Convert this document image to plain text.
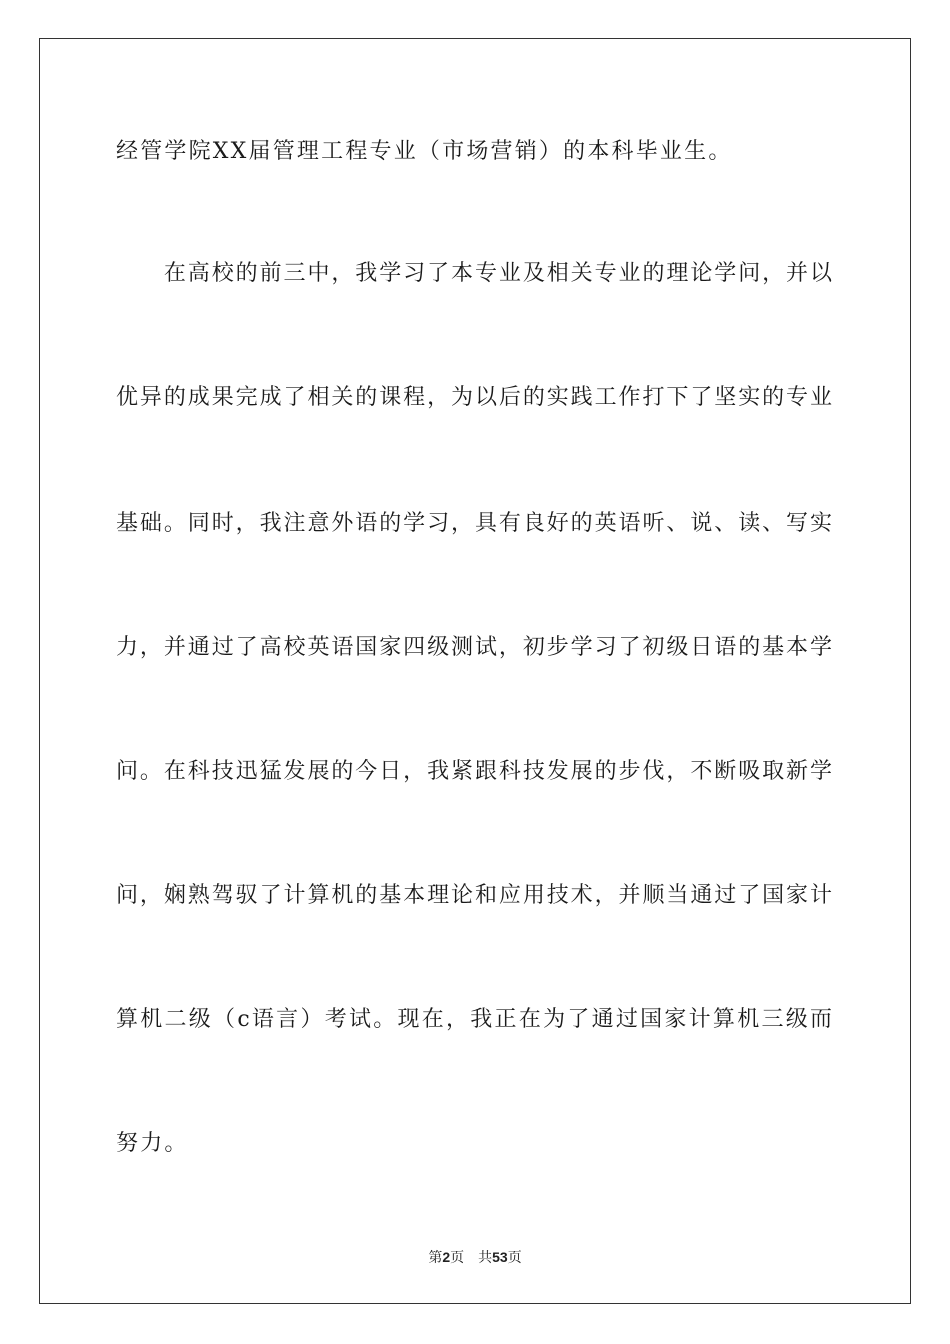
经管学院XX届管理工程专业（市场营销）的本科毕业生。
　　在高校的前三中，我学习了本专业及相关专业的理论学问，并以
优异的成果完成了相关的课程，为以后的实践工作打下了坚实的专业
基础。同时，我注意外语的学习，具有良好的英语听、说、读、写实
力，并通过了高校英语国家四级测试，初步学习了初级日语的基本学
问。在科技迅猛发展的今日，我紧跟科技发展的步伐，不断吸取新学
问，娴熟驾驭了计算机的基本理论和应用技术，并顺当通过了国家计
算机二级（c语言）考试。现在，我正在为了通过国家计算机三级而
努力。
第2页 共53页
